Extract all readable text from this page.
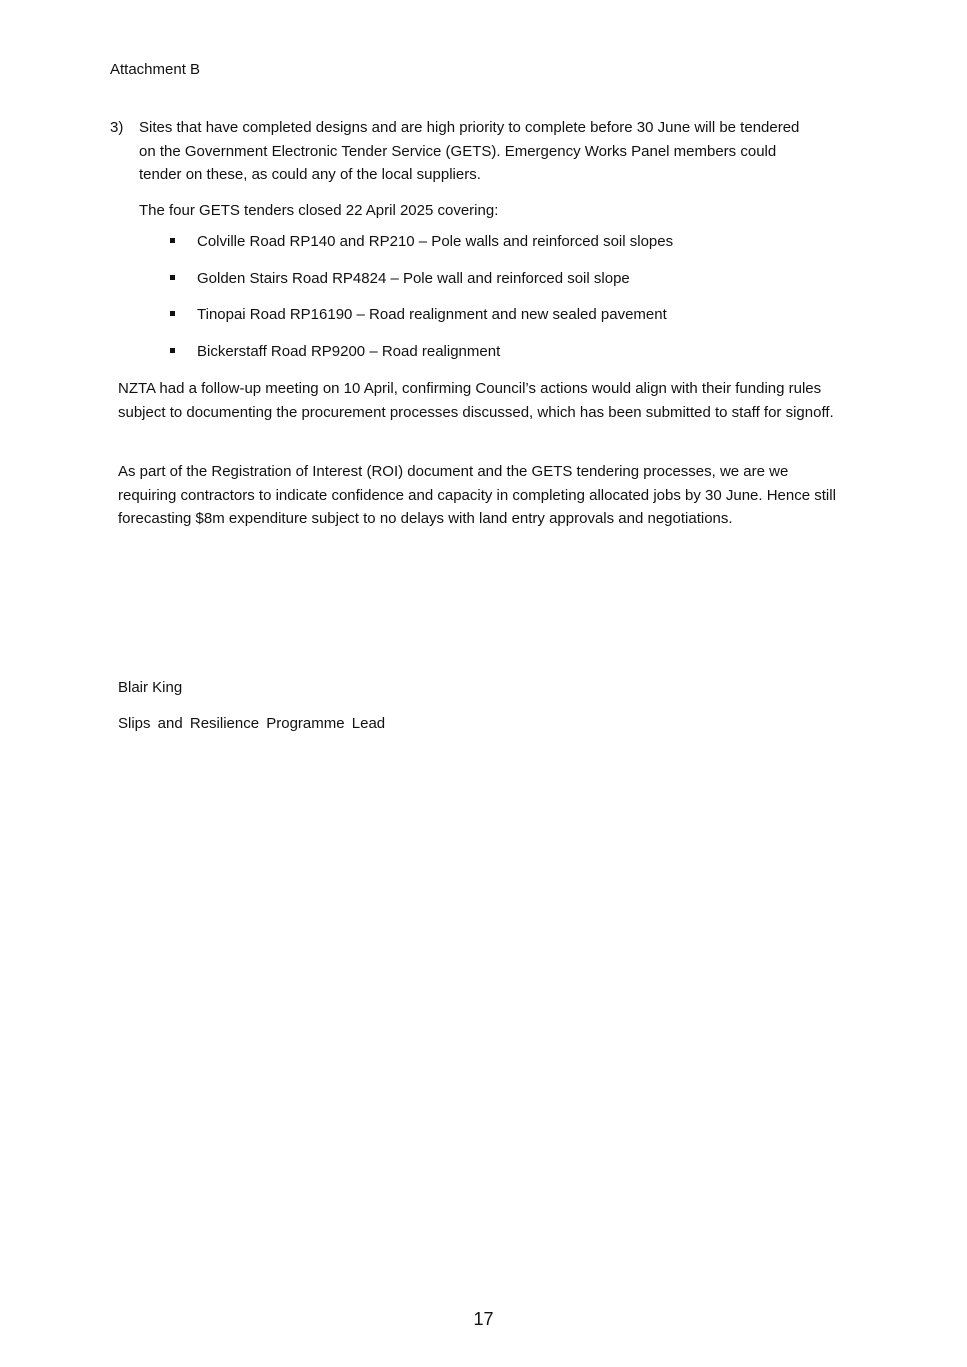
Attachment B
3) Sites that have completed designs and are high priority to complete before 30 June will be tendered on the Government Electronic Tender Service (GETS). Emergency Works Panel members could tender on these, as could any of the local suppliers.
The four GETS tenders closed 22 April 2025 covering:
Colville Road RP140 and RP210 – Pole walls and reinforced soil slopes
Golden Stairs Road RP4824 – Pole wall and reinforced soil slope
Tinopai Road RP16190 – Road realignment and new sealed pavement
Bickerstaff Road RP9200 – Road realignment

NZTA had a follow-up meeting on 10 April, confirming Council’s actions would align with their funding rules subject to documenting the procurement processes discussed, which has been submitted to staff for signoff.

As part of the Registration of Interest (ROI) document and the GETS tendering processes, we are we requiring contractors to indicate confidence and capacity in completing allocated jobs by 30 June. Hence still forecasting $8m expenditure subject to no delays with land entry approvals and negotiations.

Blair King
Slips and Resilience Programme Lead
17
